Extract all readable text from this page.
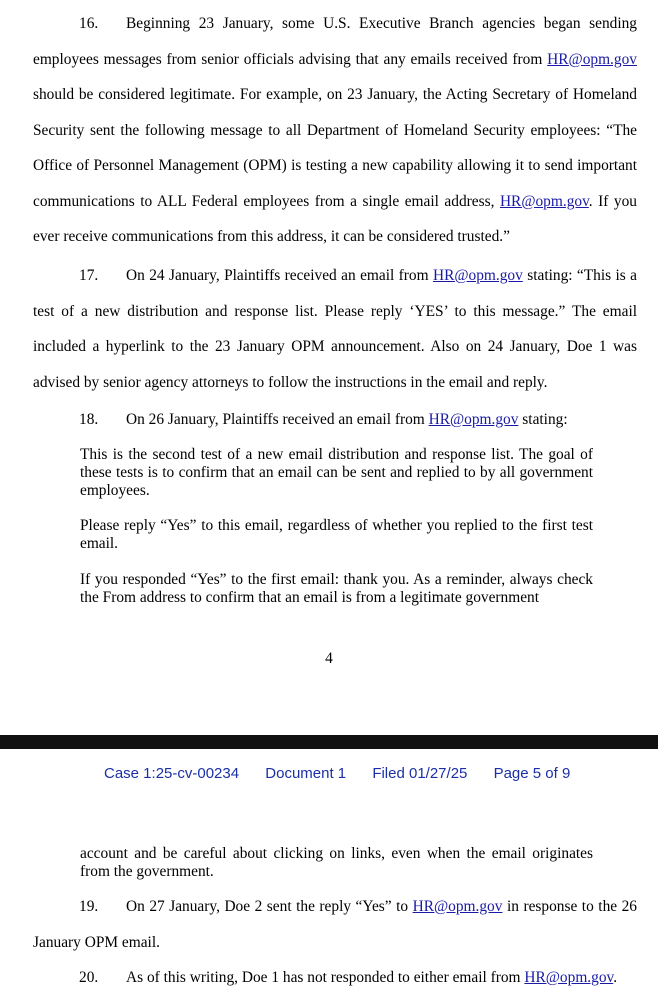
16. Beginning 23 January, some U.S. Executive Branch agencies began sending employees messages from senior officials advising that any emails received from HR@opm.gov should be considered legitimate. For example, on 23 January, the Acting Secretary of Homeland Security sent the following message to all Department of Homeland Security employees: “The Office of Personnel Management (OPM) is testing a new capability allowing it to send important communications to ALL Federal employees from a single email address, HR@opm.gov. If you ever receive communications from this address, it can be considered trusted.”

17. On 24 January, Plaintiffs received an email from HR@opm.gov stating: “This is a test of a new distribution and response list. Please reply ‘YES’ to this message.” The email included a hyperlink to the 23 January OPM announcement. Also on 24 January, Doe 1 was advised by senior agency attorneys to follow the instructions in the email and reply.

18. On 26 January, Plaintiffs received an email from HR@opm.gov stating:

This is the second test of a new email distribution and response list. The goal of these tests is to confirm that an email can be sent and replied to by all government employees.

Please reply “Yes” to this email, regardless of whether you replied to the first test email.

If you responded “Yes” to the first email: thank you. As a reminder, always check the From address to confirm that an email is from a legitimate government

4
Case 1:25-cv-00234 Document 1 Filed 01/27/25 Page 5 of 9

account and be careful about clicking on links, even when the email originates from the government.

19. On 27 January, Doe 2 sent the reply “Yes” to HR@opm.gov in response to the 26 January OPM email.

20. As of this writing, Doe 1 has not responded to either email from HR@opm.gov.
